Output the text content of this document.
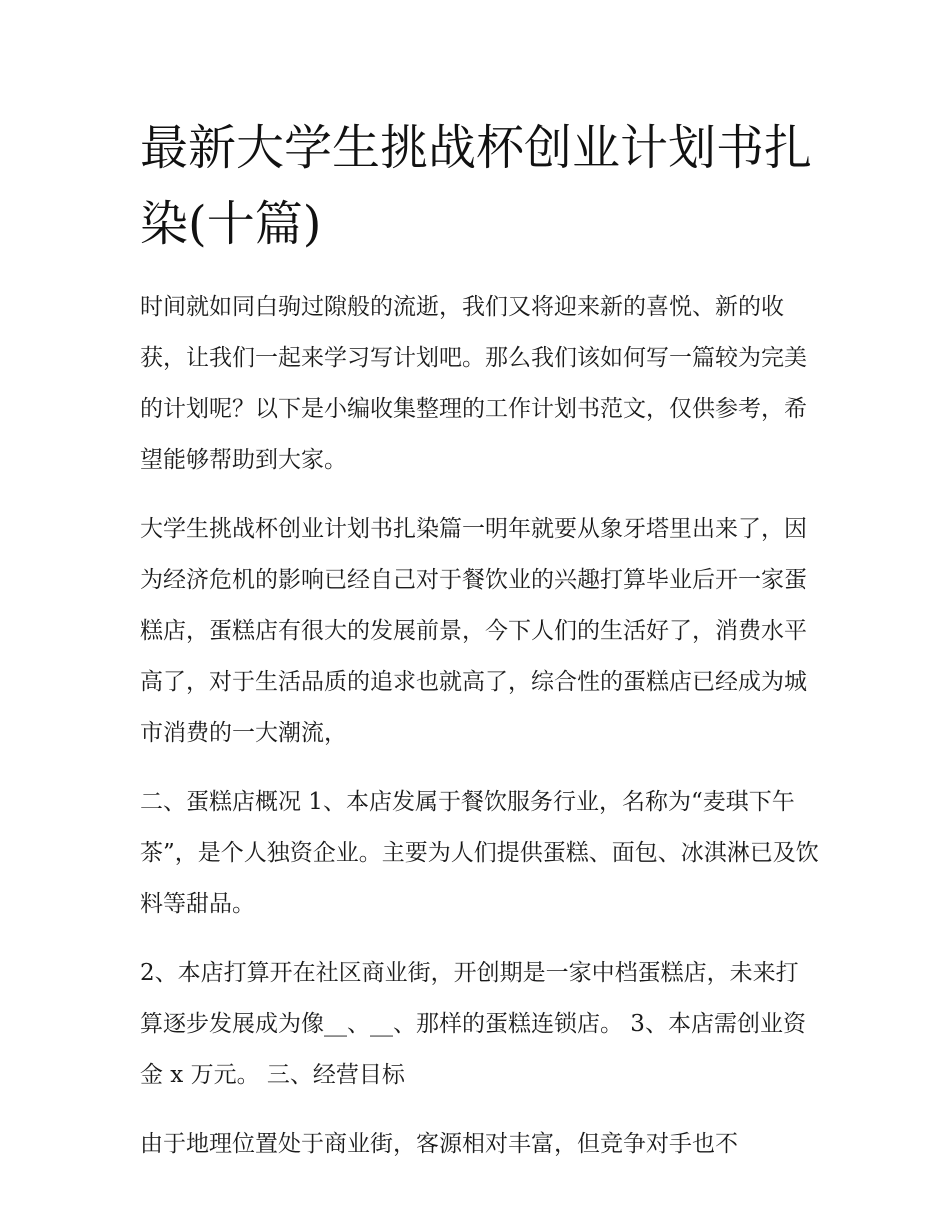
最新大学生挑战杯创业计划书扎染(十篇)

时间就如同白驹过隙般的流逝，我们又将迎来新的喜悦、新的收获，让我们一起来学习写计划吧。那么我们该如何写一篇较为完美的计划呢？以下是小编收集整理的工作计划书范文，仅供参考，希望能够帮助到大家。

大学生挑战杯创业计划书扎染篇一明年就要从象牙塔里出来了，因为经济危机的影响已经自己对于餐饮业的兴趣打算毕业后开一家蛋糕店，蛋糕店有很大的发展前景，今下人们的生活好了，消费水平高了，对于生活品质的追求也就高了，综合性的蛋糕店已经成为城市消费的一大潮流，

二、蛋糕店概况 1、本店发属于餐饮服务行业，名称为“麦琪下午茶”，是个人独资企业。主要为人们提供蛋糕、面包、冰淇淋已及饮料等甜品。

2、本店打算开在社区商业街，开创期是一家中档蛋糕店，未来打算逐步发展成为像__、__、那样的蛋糕连锁店。 3、本店需创业资金 x 万元。 三、经营目标

由于地理位置处于商业街，客源相对丰富，但竞争对手也不
